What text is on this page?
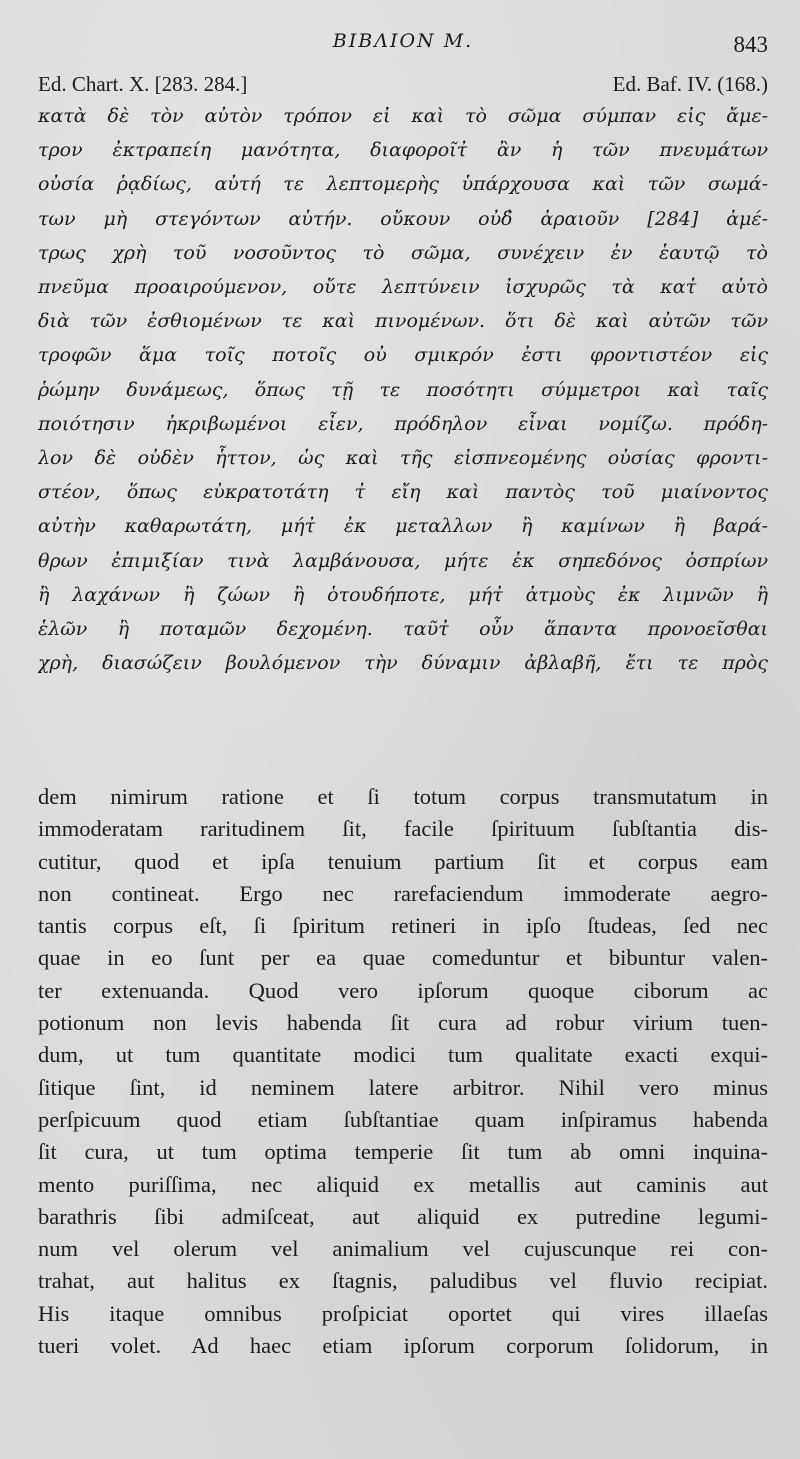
ΒΙΒΛΙΟΝ Μ.	843
Ed. Chart. X. [283. 284.]	Ed. Baf. IV. (168.)
κατὰ δὲ τὸν αὐτὸν τρόπον εἰ καὶ τὸ σῶμα σύμπαν εἰς ἄμε-
τρον ἐκτραπείη μανότητα, διαφοροῖτ̓ ἂν ἡ τῶν πνευμάτων
οὐσία ῥᾳδίως, αὐτή τε λεπτομερὴς ὑπάρχουσα καὶ τῶν σωμά-
των μὴ στεγόντων αὐτήν. οὔκουν οὐδ̓ ἀραιοῦν [284] ἀμέ-
τρως χρὴ τοῦ νοσοῦντος τὸ σῶμα, συνέχειν ἐν ἑαυτῷ τὸ
πνεῦμα προαιρούμενον, οὔτε λεπτύνειν ἰσχυρῶς τὰ κατ̓ αὐτὸ
διὰ τῶν ἐσθιομένων τε καὶ πινομένων. ὅτι δὲ καὶ αὐτῶν τῶν
τροφῶν ἅμα τοῖς ποτοῖς οὐ σμικρόν ἐστι φροντιστέον εἰς
ῥώμην δυνάμεως, ὅπως τῇ τε ποσότητι σύμμετροι καὶ ταῖς
ποιότησιν ἠκριβωμένοι εἶεν, πρόδηλον εἶναι νομίζω. πρόδη-
λον δὲ οὐδὲν ἧττον, ὡς καὶ τῆς εἰσπνεομένης οὐσίας φροντι-
στέον, ὅπως εὐκρατοτάτη τ̓ εἴη καὶ παντὸς τοῦ μιαίνοντος
αὐτὴν καθαρωτάτη, μήτ̓ ἐκ μεταλλων ἢ καμίνων ἢ βαρά-
θρων ἐπιμιξίαν τινὰ λαμβάνουσα, μήτε ἐκ σηπεδόνος ὀσπρίων
ἢ λαχάνων ἢ ζώων ἢ ὁτουδήποτε, μήτ̓ ἀτμοὺς ἐκ λιμνῶν ἢ
ἑλῶν ἢ ποταμῶν δεχομένη. ταῦτ̓ οὖν ἅπαντα προνοεῖσθαι
χρὴ, διασώζειν βουλόμενον τὴν δύναμιν ἀβλαβῆ, ἔτι τε πρὸς
dem nimirum ratione et ſi totum corpus transmutatum in
immoderatam raritudinem ſit, facile ſpirituum ſubſtantia dis-
cutitur, quod et ipſa tenuium partium ſit et corpus eam
non contineat. Ergo nec rarefaciendum immoderate aegro-
tantis corpus eſt, ſi ſpiritum retineri in ipſo ſtudeas, ſed nec
quae in eo ſunt per ea quae comeduntur et bibuntur valen-
ter extenuanda. Quod vero ipſorum quoque ciborum ac
potionum non levis habenda ſit cura ad robur virium tuen-
dum, ut tum quantitate modici tum qualitate exacti exqui-
ſitique ſint, id neminem latere arbitror. Nihil vero minus
perſpicuum quod etiam ſubſtantiae quam inſpiramus habenda
ſit cura, ut tum optima temperie ſit tum ab omni inquina-
mento puriſſima, nec aliquid ex metallis aut caminis aut
barathris ſibi admiſceat, aut aliquid ex putredine legumi-
num vel olerum vel animalium vel cujuscunque rei con-
trahat, aut halitus ex ſtagnis, paludibus vel fluvio recipiat.
His itaque omnibus proſpiciat oportet qui vires illaeſas
tueri volet. Ad haec etiam ipſorum corporum ſolidorum, in
